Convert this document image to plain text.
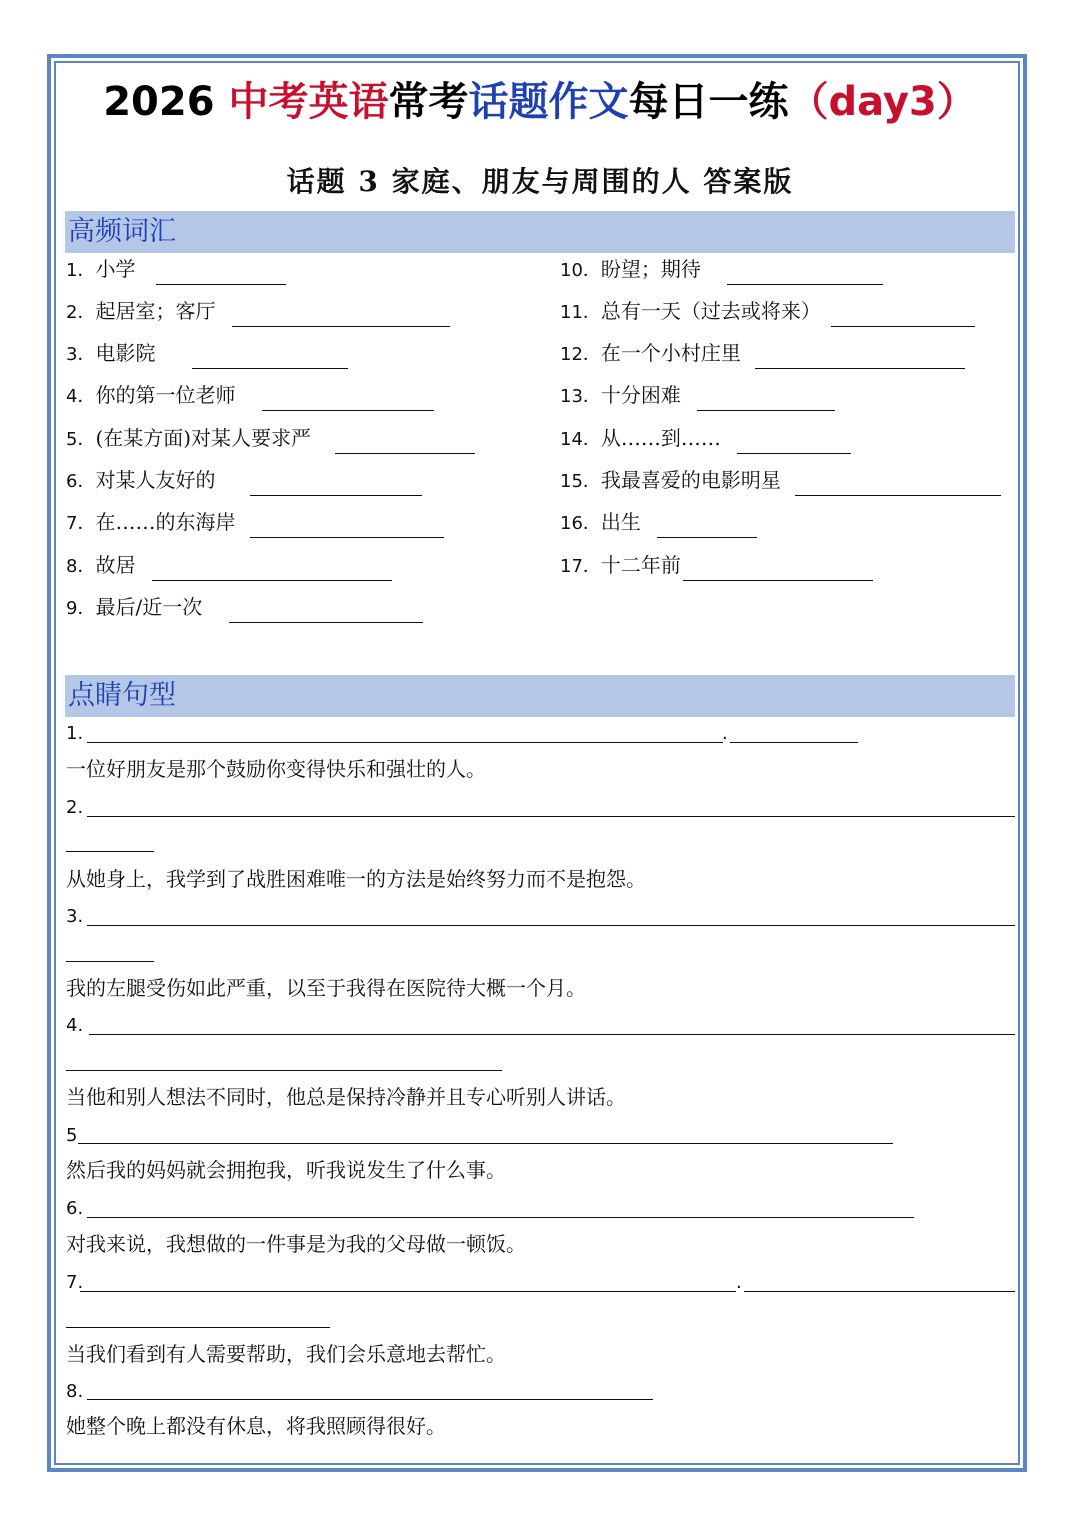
2026 中考英语常考话题作文每日一练（day3）
话题 3 家庭、朋友与周围的人 答案版
高频词汇
1．小学
2．起居室；客厅
3．电影院
4．你的第一位老师
5．(在某方面)对某人要求严
6．对某人友好的
7．在……的东海岸
8．故居
9．最后/近一次
10．盼望；期待
11．总有一天（过去或将来）
12．在一个小村庄里
13．十分困难
14．从……到……
15．我最喜爱的电影明星
16．出生
17．十二年前
点睛句型
1.	.
一位好朋友是那个鼓励你变得快乐和强壮的人。
2.
从她身上，我学到了战胜困难唯一的方法是始终努力而不是抱怨。
3.
我的左腿受伤如此严重，以至于我得在医院待大概一个月。
4.
当他和别人想法不同时，他总是保持冷静并且专心听别人讲话。
5
然后我的妈妈就会拥抱我，听我说发生了什么事。
6.
对我来说，我想做的一件事是为我的父母做一顿饭。
7.	.
当我们看到有人需要帮助，我们会乐意地去帮忙。
8.
她整个晚上都没有休息，将我照顾得很好。
